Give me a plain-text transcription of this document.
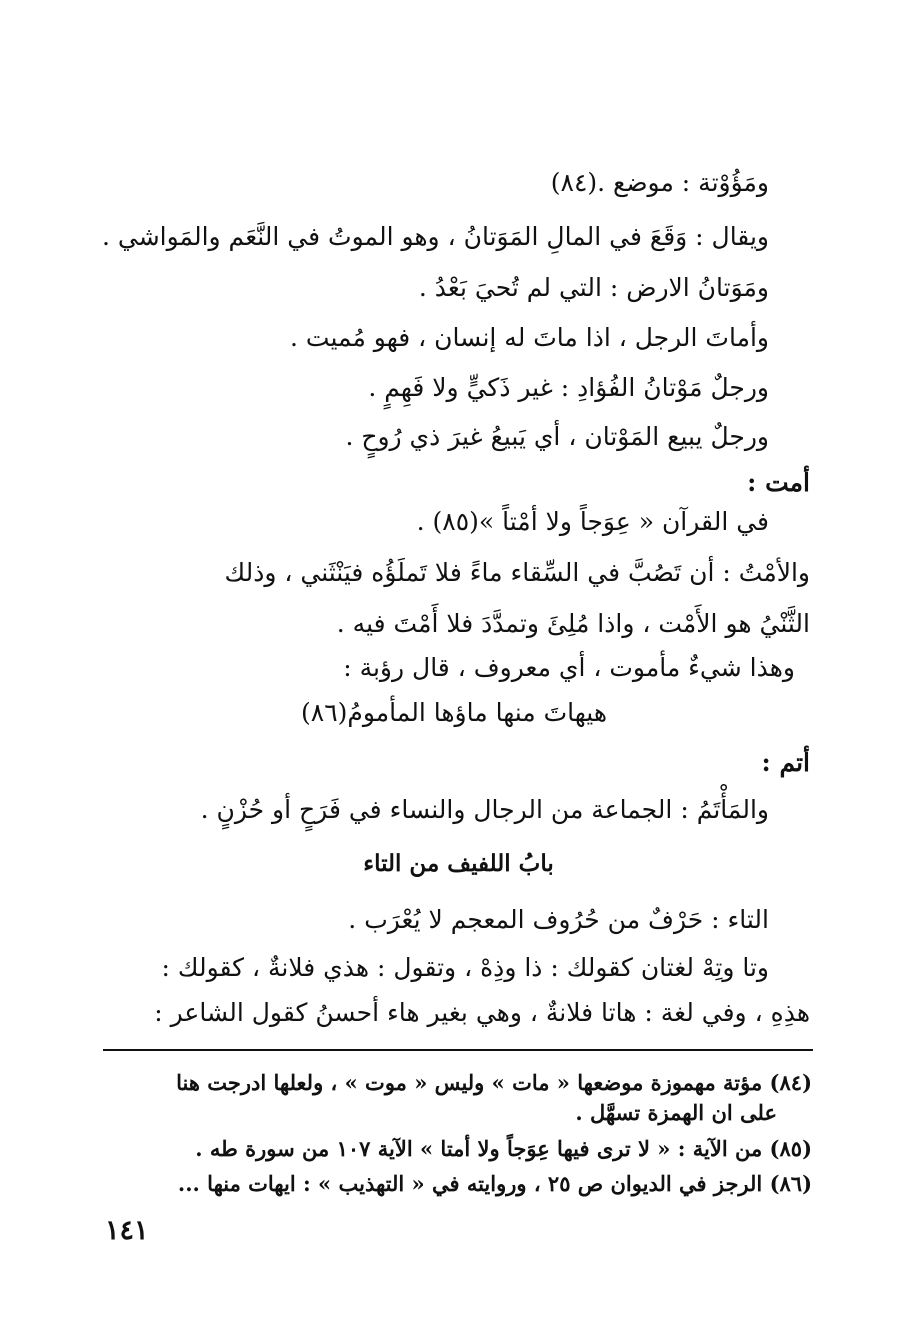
ومَؤُوْتة : موضع .(٨٤)
ويقال : وَقَعَ في المالِ المَوَتانُ ، وهو الموتُ في النَّعَم والمَواشي .
ومَوَتانُ الارض : التي لم تُحيَ بَعْدُ .
وأماتَ الرجل ، اذا ماتَ له إنسان ، فهو مُميت .
ورجلٌ مَوْتانُ الفُؤادِ : غير ذَكيٍّ ولا فَهِمٍ .
ورجلٌ يبيع المَوْتان ، أي يَبيعُ غيرَ ذي رُوحٍ .
أمت :
في القرآن « عِوَجاً ولا أمْتاً »(٨٥) .
والأمْتُ : أن تَصُبَّ في السِّقاء ماءً فلا تَملَؤُه فيَنْثَني ، وذلك
الثَّنْيُ هو الأَمْت ، واذا مُلِئَ وتمدَّدَ فلا أَمْتَ فيه .
وهذا شيءٌ مأموت ، أي معروف ، قال رؤبة :
هيهاتَ منها ماؤها المأمومُ(٨٦)
أتم :
والمَأْتَمُ : الجماعة من الرجال والنساء في فَرَحٍ أو حُزْنٍ .
بابُ اللفيف من التاء
التاء : حَرْفٌ من حُرُوف المعجم لا يُعْرَب .
وتا وتِهْ لغتان كقولك : ذا وذِهْ ، وتقول : هذي فلانةٌ ، كقولك :
هذِهِ ، وفي لغة : هاتا فلانةٌ ، وهي بغير هاء أحسنُ كقول الشاعر :
(٨٤) مؤتة مهموزة موضعها « مات » وليس « موت » ، ولعلها ادرجت هنا
على ان الهمزة تسهَّل .
(٨٥) من الآية : « لا ترى فيها عِوَجاً ولا أمتا » الآية ١٠٧ من سورة طه .
(٨٦) الرجز في الديوان ص ٢٥ ، وروايته في « التهذيب » : ايهات منها ...
١٤١
